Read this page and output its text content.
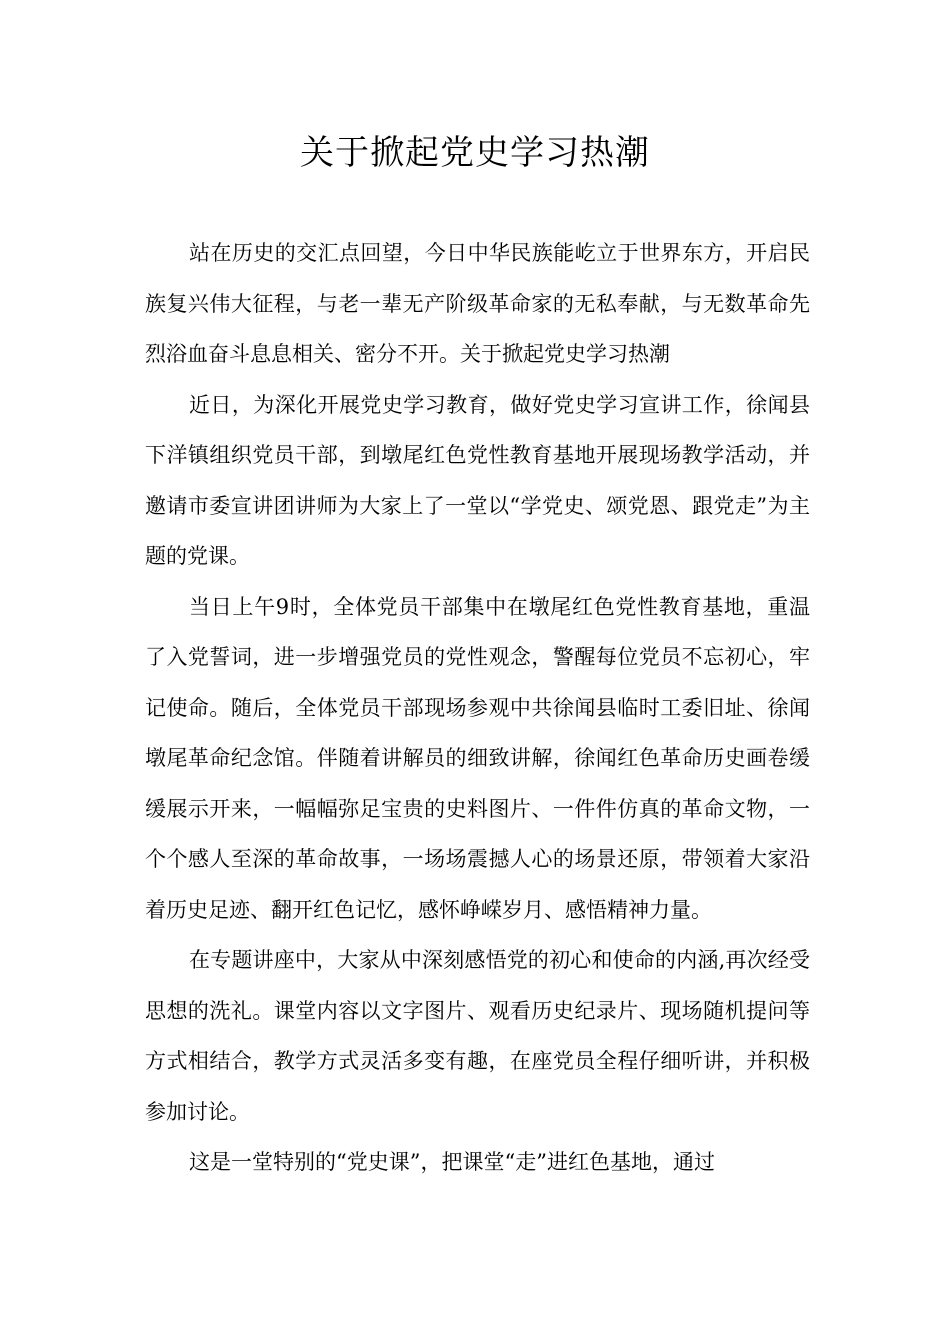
关于掀起党史学习热潮

站在历史的交汇点回望，今日中华民族能屹立于世界东方，开启民族复兴伟大征程，与老一辈无产阶级革命家的无私奉献，与无数革命先烈浴血奋斗息息相关、密分不开。关于掀起党史学习热潮

近日，为深化开展党史学习教育，做好党史学习宣讲工作，徐闻县下洋镇组织党员干部，到墩尾红色党性教育基地开展现场教学活动，并邀请市委宣讲团讲师为大家上了一堂以“学党史、颂党恩、跟党走”为主题的党课。

当日上午9时，全体党员干部集中在墩尾红色党性教育基地，重温了入党誓词，进一步增强党员的党性观念，警醒每位党员不忘初心，牢记使命。随后，全体党员干部现场参观中共徐闻县临时工委旧址、徐闻墩尾革命纪念馆。伴随着讲解员的细致讲解，徐闻红色革命历史画卷缓缓展示开来，一幅幅弥足宝贵的史料图片、一件件仿真的革命文物，一个个感人至深的革命故事，一场场震撼人心的场景还原，带领着大家沿着历史足迹、翻开红色记忆，感怀峥嵘岁月、感悟精神力量。

在专题讲座中，大家从中深刻感悟党的初心和使命的内涵,再次经受思想的洗礼。课堂内容以文字图片、观看历史纪录片、现场随机提问等方式相结合，教学方式灵活多变有趣，在座党员全程仔细听讲，并积极参加讨论。

这是一堂特别的“党史课”，把课堂“走”进红色基地，通过
